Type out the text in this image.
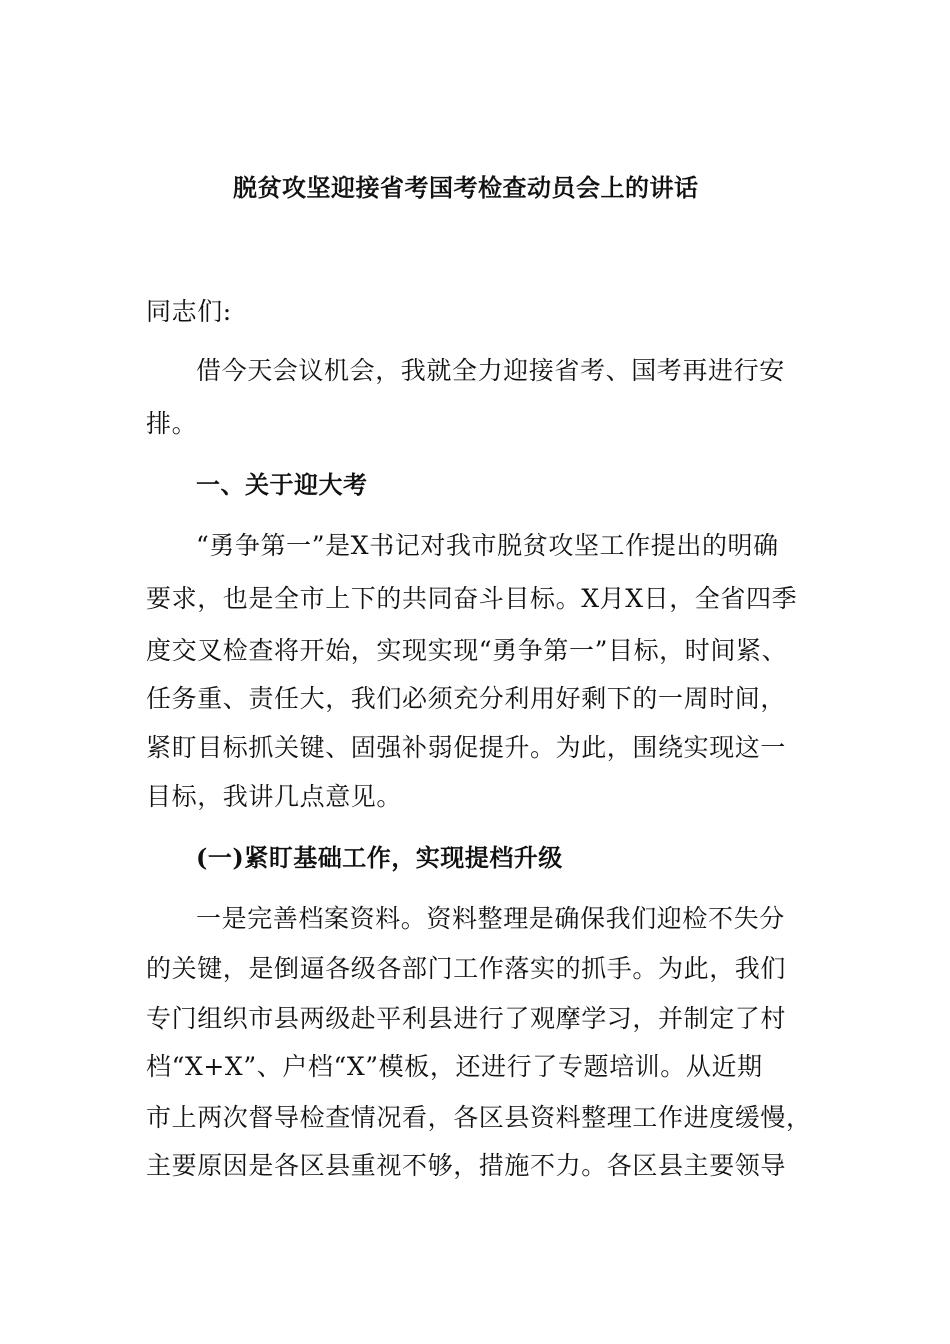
脱贫攻坚迎接省考国考检查动员会上的讲话
同志们:
借今天会议机会，我就全力迎接省考、国考再进行安
排。
一、关于迎大考
“勇争第一”是X书记对我市脱贫攻坚工作提出的明确
要求，也是全市上下的共同奋斗目标。X月X日，全省四季
度交叉检查将开始，实现实现“勇争第一”目标，时间紧、
任务重、责任大，我们必须充分利用好剩下的一周时间，
紧盯目标抓关键、固强补弱促提升。为此，围绕实现这一
目标，我讲几点意见。
(一)紧盯基础工作，实现提档升级
一是完善档案资料。资料整理是确保我们迎检不失分
的关键，是倒逼各级各部门工作落实的抓手。为此，我们
专门组织市县两级赴平利县进行了观摩学习，并制定了村
档“X+X”、户档“X”模板，还进行了专题培训。从近期
市上两次督导检查情况看，各区县资料整理工作进度缓慢，
主要原因是各区县重视不够，措施不力。各区县主要领导
